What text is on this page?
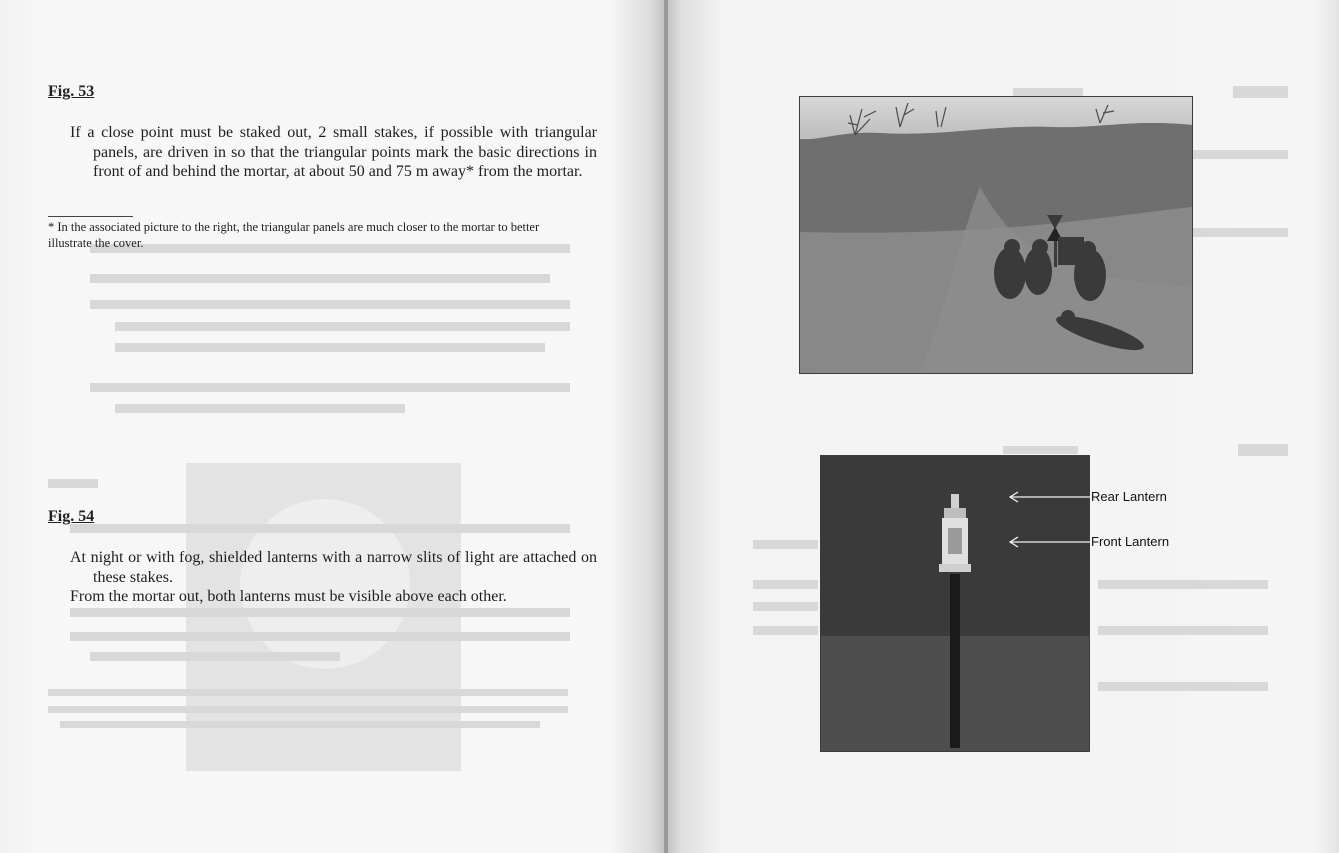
Fig. 53

If a close point must be staked out, 2 small stakes, if possible with triangular panels, are driven in so that the triangular points mark the basic directions in front of and behind the mortar, at about 50 and 75 m away* from the mortar.

* In the associated picture to the right, the triangular panels are much closer to the mortar to better illustrate the cover.

Fig. 54

At night or with fog, shielded lanterns with a narrow slits of light are attached on these stakes.

From the mortar out, both lanterns must be visible above each other.

Rear Lantern
Front Lantern
